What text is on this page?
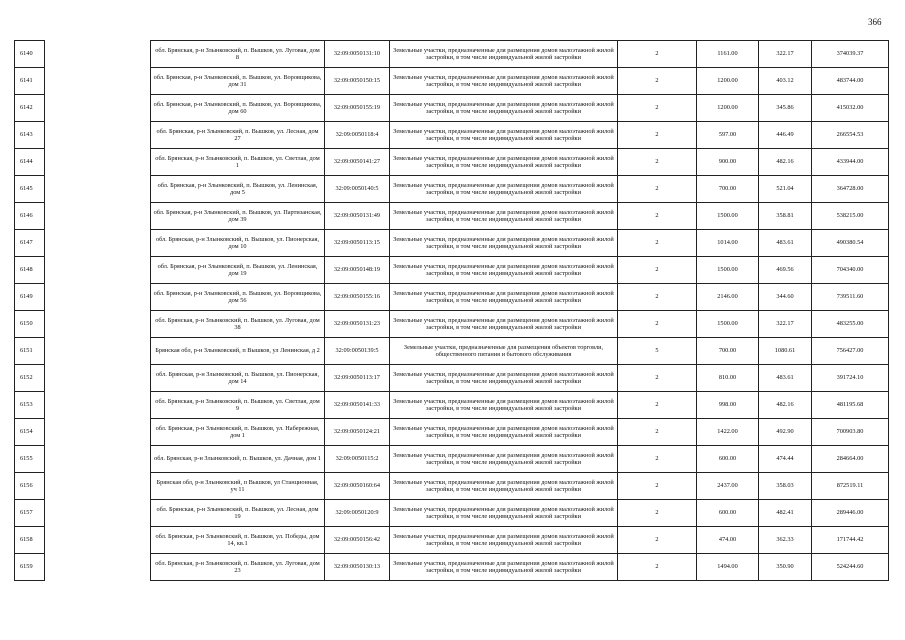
366
6140		обл. Брянская, р-н Злынковский, п. Вышков, ул. Луговая, дом 8	32:09:0050131:10	Земельные участки, предназначенные для размещения домов малоэтажной жилой застройки, в том числе индивидуальной жилой застройки	2	1161.00	322.17	374039.37
6141		обл. Брянская, р-н Злынковский, п. Вышков, ул. Воровщикова, дом 31	32:09:0050150:15	Земельные участки, предназначенные для размещения домов малоэтажной жилой застройки, в том числе индивидуальной жилой застройки	2	1200.00	403.12	483744.00
6142		обл. Брянская, р-н Злынковский, п. Вышков, ул. Воровщикова, дом 60	32:09:0050155:19	Земельные участки, предназначенные для размещения домов малоэтажной жилой застройки, в том числе индивидуальной жилой застройки	2	1200.00	345.86	415032.00
6143		обл. Брянская, р-н Злынковский, п. Вышков, ул. Лесная, дом 27	32:09:0050118:4	Земельные участки, предназначенные для размещения домов малоэтажной жилой застройки, в том числе индивидуальной жилой застройки	2	597.00	446.49	266554.53
6144		обл. Брянская, р-н Злынковский, п. Вышков, ул. Светлая, дом 1	32:09:0050141:27	Земельные участки, предназначенные для размещения домов малоэтажной жилой застройки, в том числе индивидуальной жилой застройки	2	900.00	482.16	433944.00
6145		обл. Брянская, р-н Злынковский, п. Вышков, ул. Ленинская, дом 5	32:09:0050140:5	Земельные участки, предназначенные для размещения домов малоэтажной жилой застройки, в том числе индивидуальной жилой застройки	2	700.00	521.04	364728.00
6146		обл. Брянская, р-н Злынковский, п. Вышков, ул. Партизанская, дом 39	32:09:0050131:49	Земельные участки, предназначенные для размещения домов малоэтажной жилой застройки, в том числе индивидуальной жилой застройки	2	1500.00	358.81	538215.00
6147		обл. Брянская, р-н Злынковский, п. Вышков, ул. Пионерская, дом 10	32:09:0050113:15	Земельные участки, предназначенные для размещения домов малоэтажной жилой застройки, в том числе индивидуальной жилой застройки	2	1014.00	483.61	490380.54
6148		обл. Брянская, р-н Злынковский, п. Вышков, ул. Ленинская, дом 19	32:09:0050148:19	Земельные участки, предназначенные для размещения домов малоэтажной жилой застройки, в том числе индивидуальной жилой застройки	2	1500.00	469.56	704340.00
6149		обл. Брянская, р-н Злынковский, п. Вышков, ул. Воровщикова, дом 56	32:09:0050155:16	Земельные участки, предназначенные для размещения домов малоэтажной жилой застройки, в том числе индивидуальной жилой застройки	2	2146.00	344.60	739511.60
6150		обл. Брянская, р-н Злынковский, п. Вышков, ул. Луговая, дом 38	32:09:0050131:23	Земельные участки, предназначенные для размещения домов малоэтажной жилой застройки, в том числе индивидуальной жилой застройки	2	1500.00	322.17	483255.00
6151		Брянская обл, р-н Злынковский, п Вышков, ул Ленинская, д 2	32:09:0050139:5	Земельные участки, предназначенные для размещения объектов торговли, общественного питания и бытового обслуживания	5	700.00	1080.61	756427.00
6152		обл. Брянская, р-н Злынковский, п. Вышков, ул. Пионерская, дом 14	32:09:0050113:17	Земельные участки, предназначенные для размещения домов малоэтажной жилой застройки, в том числе индивидуальной жилой застройки	2	810.00	483.61	391724.10
6153		обл. Брянская, р-н Злынковский, п. Вышков, ул. Светлая, дом 9	32:09:0050141:33	Земельные участки, предназначенные для размещения домов малоэтажной жилой застройки, в том числе индивидуальной жилой застройки	2	998.00	482.16	481195.68
6154		обл. Брянская, р-н Злынковский, п. Вышков, ул. Набережная, дом 1	32:09:0050124:21	Земельные участки, предназначенные для размещения домов малоэтажной жилой застройки, в том числе индивидуальной жилой застройки	2	1422.00	492.90	700903.80
6155		обл. Брянская, р-н Злынковский, п. Вышков, ул. Дачная, дом 1	32:09:0050115:2	Земельные участки, предназначенные для размещения домов малоэтажной жилой застройки, в том числе индивидуальной жилой застройки	2	600.00	474.44	284664.00
6156		Брянская обл, р-н Злынковский, п Вышков, ул Станционная, уч 11	32:09:0050160:64	Земельные участки, предназначенные для размещения домов малоэтажной жилой застройки, в том числе индивидуальной жилой застройки	2	2437.00	358.03	872519.11
6157		обл. Брянская, р-н Злынковский, п. Вышков, ул. Лесная, дом 19	32:09:0050120:9	Земельные участки, предназначенные для размещения домов малоэтажной жилой застройки, в том числе индивидуальной жилой застройки	2	600.00	482.41	289446.00
6158		обл. Брянская, р-н Злынковский, п. Вышков, ул. Победы, дом 14, кв.1	32:09:0050156:42	Земельные участки, предназначенные для размещения домов малоэтажной жилой застройки, в том числе индивидуальной жилой застройки	2	474.00	362.33	171744.42
6159		обл. Брянская, р-н Злынковский, п. Вышков, ул. Луговая, дом 23	32:09:0050130:13	Земельные участки, предназначенные для размещения домов малоэтажной жилой застройки, в том числе индивидуальной жилой застройки	2	1494.00	350.90	524244.60
